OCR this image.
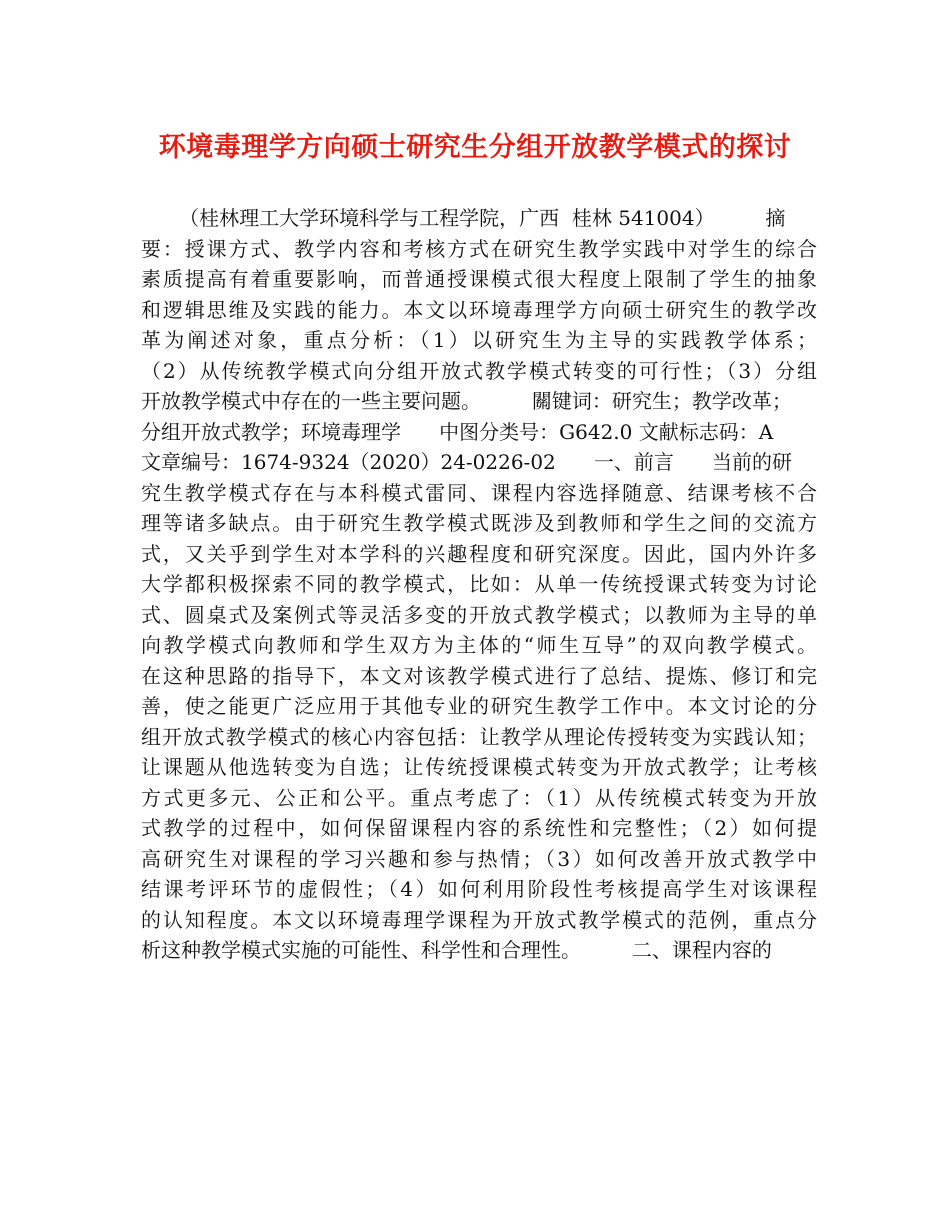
环境毒理学方向硕士研究生分组开放教学模式的探讨
（桂林理工大学环境科学与工程学院，广西  桂林 541004）        摘
要：授课方式、教学内容和考核方式在研究生教学实践中对学生的综合
素质提高有着重要影响，而普通授课模式很大程度上限制了学生的抽象
和逻辑思维及实践的能力。本文以环境毒理学方向硕士研究生的教学改
革为阐述对象，重点分析：（1）以研究生为主导的实践教学体系；
（2）从传统教学模式向分组开放式教学模式转变的可行性；（3）分组
开放教学模式中存在的一些主要问题。        關键词：研究生；教学改革；
分组开放式教学；环境毒理学      中图分类号：G642.0 文献标志码：A
文章编号：1674-9324（2020）24-0226-02      一、前言      当前的研
究生教学模式存在与本科模式雷同、课程内容选择随意、结课考核不合
理等诸多缺点。由于研究生教学模式既涉及到教师和学生之间的交流方
式，又关乎到学生对本学科的兴趣程度和研究深度。因此，国内外许多
大学都积极探索不同的教学模式，比如：从单一传统授课式转变为讨论
式、圆桌式及案例式等灵活多变的开放式教学模式；以教师为主导的单
向教学模式向教师和学生双方为主体的“师生互导”的双向教学模式。
在这种思路的指导下，本文对该教学模式进行了总结、提炼、修订和完
善，使之能更广泛应用于其他专业的研究生教学工作中。本文讨论的分
组开放式教学模式的核心内容包括：让教学从理论传授转变为实践认知；
让课题从他选转变为自选；让传统授课模式转变为开放式教学；让考核
方式更多元、公正和公平。重点考虑了：（1）从传统模式转变为开放
式教学的过程中，如何保留课程内容的系统性和完整性；（2）如何提
高研究生对课程的学习兴趣和参与热情；（3）如何改善开放式教学中
结课考评环节的虚假性；（4）如何利用阶段性考核提高学生对该课程
的认知程度。本文以环境毒理学课程为开放式教学模式的范例，重点分
析这种教学模式实施的可能性、科学性和合理性。        二、课程内容的
